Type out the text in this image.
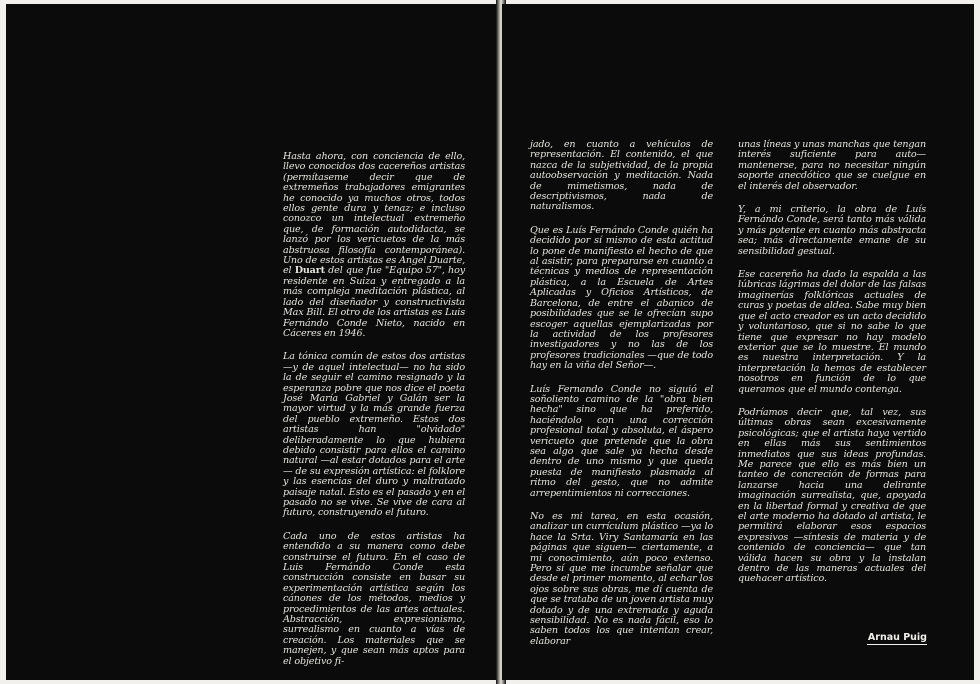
Hasta ahora, con conciencia de ello, llevo conocidos dos cacereños artistas (permítaseme decir que de extremeños trabajadores emigrantes he conocido ya muchos otros, todos ellos gente dura y tenaz; e incluso conozco un intelectual extremeño que, de formación autodidacta, se lanzó por los vericuetos de la más abstruosa filosofía contemporánea). Uno de estos artistas es Angel Duarte, el Duart del que fue "Equipo 57", hoy residente en Suiza y entregado a la más compleja meditación plástica, al lado del diseñador y constructivista Max Bill. El otro de los artistas es Luis Fernándo Conde Nieto, nacido en Cáceres en 1946.

La tónica común de estos dos artistas —y de aquel intelectual— no ha sido la de seguir el camino resignado y la esperanza pobre que nos dice el poeta José María Gabriel y Galán ser la mayor virtud y la más grande fuerza del pueblo extremeño. Estos dos artistas han "olvidado" deliberadamente lo que hubiera debido consistir para ellos el camino natural —al estar dotados para el arte— de su expresión artística: el folklore y las esencias del duro y maltratado paisaje natal. Esto es el pasado y en el pasado no se vive. Se vive de cara al futuro, construyendo el futuro.

Cada uno de estos artistas ha entendido a su manera como debe construirse el futuro. En el caso de Luis Fernándo Conde esta construcción consiste en basar su experimentación artística según los cánones de los métodos, medios y procedimientos de las artes actuales. Abstracción, expresionismo, surrealismo en cuanto a vías de creación. Los materiales que se manejen, y que sean más aptos para el objetivo fi-

jado, en cuanto a vehículos de representación. El contenido, el que nazca de la subjetividad, de la propia autoobservación y meditación. Nada de mimetismos, nada de descriptivismos, nada de naturalismos.

Que es Luís Fernándo Conde quién ha decidido por sí mismo de esta actitud lo pone de manifiesto el hecho de que al asistir, para prepararse en cuanto a técnicas y medios de representación plástica, a la Escuela de Artes Aplicadas y Oficios Artísticos, de Barcelona, de entre el abanico de posibilidades que se le ofrecían supo escoger aquellas ejemplarizadas por la actividad de los profesores investigadores y no las de los profesores tradicionales —que de todo hay en la viña del Señor—.

Luís Fernando Conde no siguió el soñoliento camino de la "obra bien hecha" sino que ha preferido, haciéndolo con una corrección profesional total y absoluta, el áspero vericueto que pretende que la obra sea algo que sale ya hecha desde dentro de uno mismo y que queda puesta de manifiesto plasmada al ritmo del gesto, que no admite arrepentimientos ni correcciones.

No es mi tarea, en esta ocasión, analizar un currículum plástico —ya lo hace la Srta. Viry Santamaría en las páginas que siguen— ciertamente, a mi conocimiento, aún poco extenso. Pero sí que me incumbe señalar que desde el primer momento, al echar los ojos sobre sus obras, me dí cuenta de que se trataba de un joven artista muy dotado y de una extremada y aguda sensibilidad. No es nada fácil, eso lo saben todos los que intentan crear, elaborar

unas líneas y unas manchas que tengan interés suficiente para auto—mantenerse, para no necesitar ningún soporte anecdótico que se cuelgue en el interés del observador.

Y, a mi criterio, la obra de Luís Fernándo Conde, será tanto más válida y más potente en cuanto más abstracta sea; más directamente emane de su sensibilidad gestual.

Ese cacereño ha dado la espalda a las lúbricas lágrimas del dolor de las falsas imaginerías folklóricas actuales de curas y poetas de aldea. Sabe muy bien que el acto creador es un acto decidido y voluntarioso, que si no sabe lo que tiene que expresar no hay modelo exterior que se lo muestre. El mundo es nuestra interpretación. Y la interpretación la hemos de establecer nosotros en función de lo que queramos que el mundo contenga.

Podríamos decir que, tal vez, sus últimas obras sean excesivamente psicológicas; que el artista haya vertido en ellas más sus sentimientos inmediatos que sus ideas profundas. Me parece que ello es más bien un tanteo de concreción de formas para lanzarse hacia una delirante imaginación surrealista, que, apoyada en la libertad formal y creativa de que el arte moderno ha dotado al artista, le permitirá elaborar esos espacios expresivos —síntesis de materia y de contenido de conciencia— que tan válida hacen su obra y la instalan dentro de las maneras actuales del quehacer artístico.

Arnau Puig
